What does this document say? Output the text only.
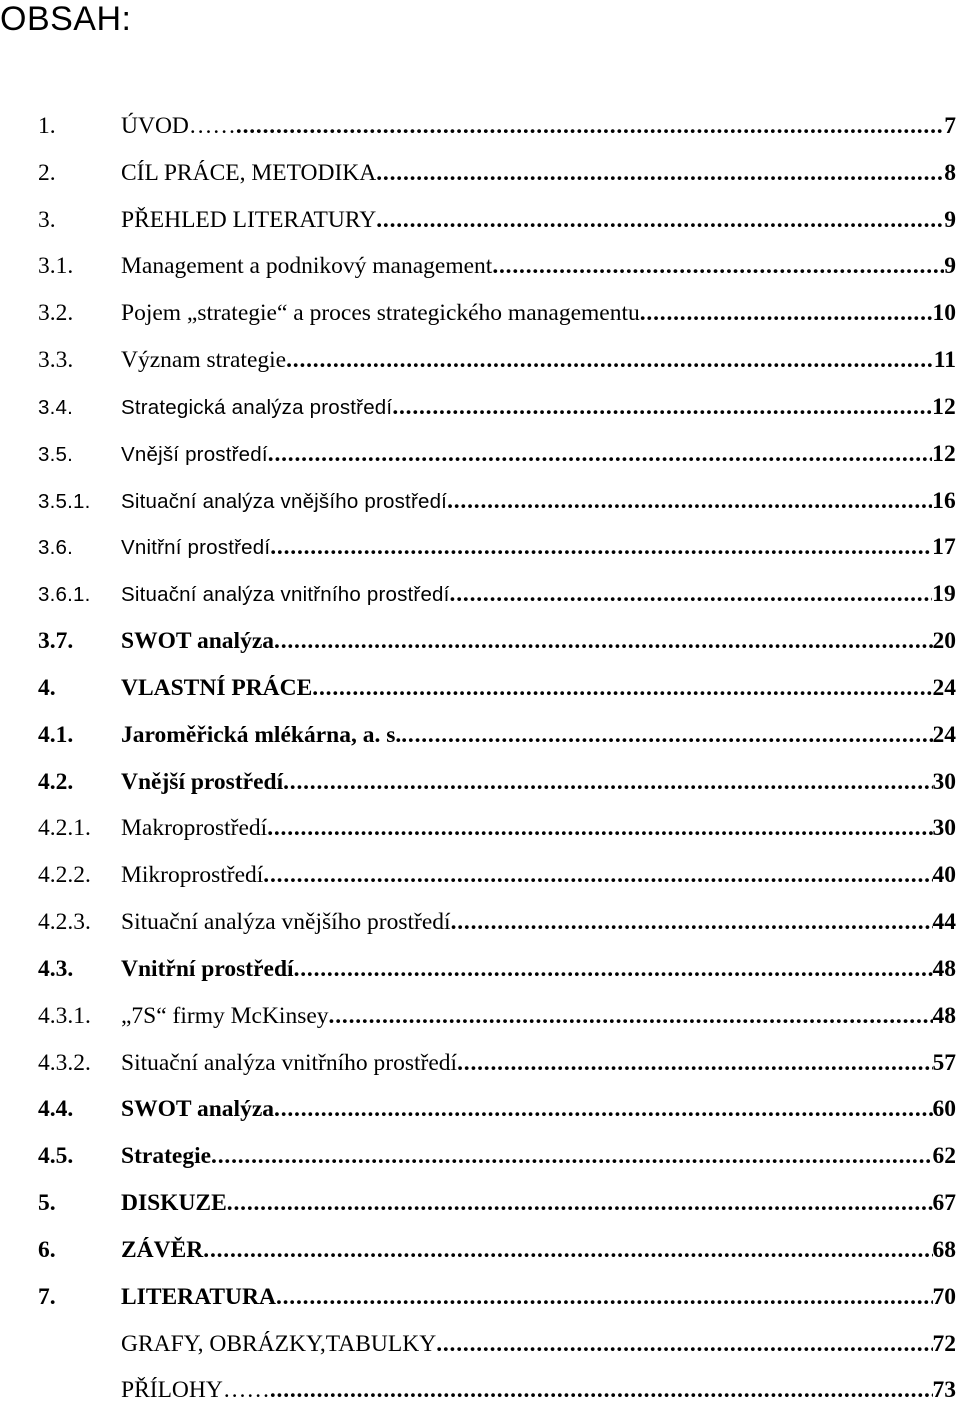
OBSAH:
1.	ÚVOD…… .....	7
2.	CÍL PRÁCE, METODIKA .....	8
3.	PŘEHLED LITERATURY .....	9
3.1.	Management a podnikový management .....	9
3.2.	Pojem „strategie“ a proces strategického managementu .....	10
3.3.	Význam strategie .....	11
3.4.	Strategická analýza prostředí .....	12
3.5.	Vnější prostředí .....	12
3.5.1.	Situační analýza vnějšího prostředí .....	16
3.6.	Vnitřní prostředí .....	17
3.6.1.	Situační analýza vnitřního prostředí .....	19
3.7.	SWOT analýza .....	20
4.	VLASTNÍ PRÁCE .....	24
4.1.	Jaroměřická mlékárna, a. s. .....	24
4.2.	Vnější prostředí .....	30
4.2.1.	Makroprostředí .....	30
4.2.2.	Mikroprostředí .....	40
4.2.3.	Situační analýza vnějšího prostředí .....	44
4.3.	Vnitřní prostředí .....	48
4.3.1.	„7S“ firmy McKinsey .....	48
4.3.2.	Situační analýza vnitřního prostředí .....	57
4.4.	SWOT analýza .....	60
4.5.	Strategie .....	62
5.	DISKUZE .....	67
6.	ZÁVĚR .....	68
7.	LITERATURA .....	70
GRAFY, OBRÁZKY,TABULKY .....	72
PŘÍLOHY…… .....	73
